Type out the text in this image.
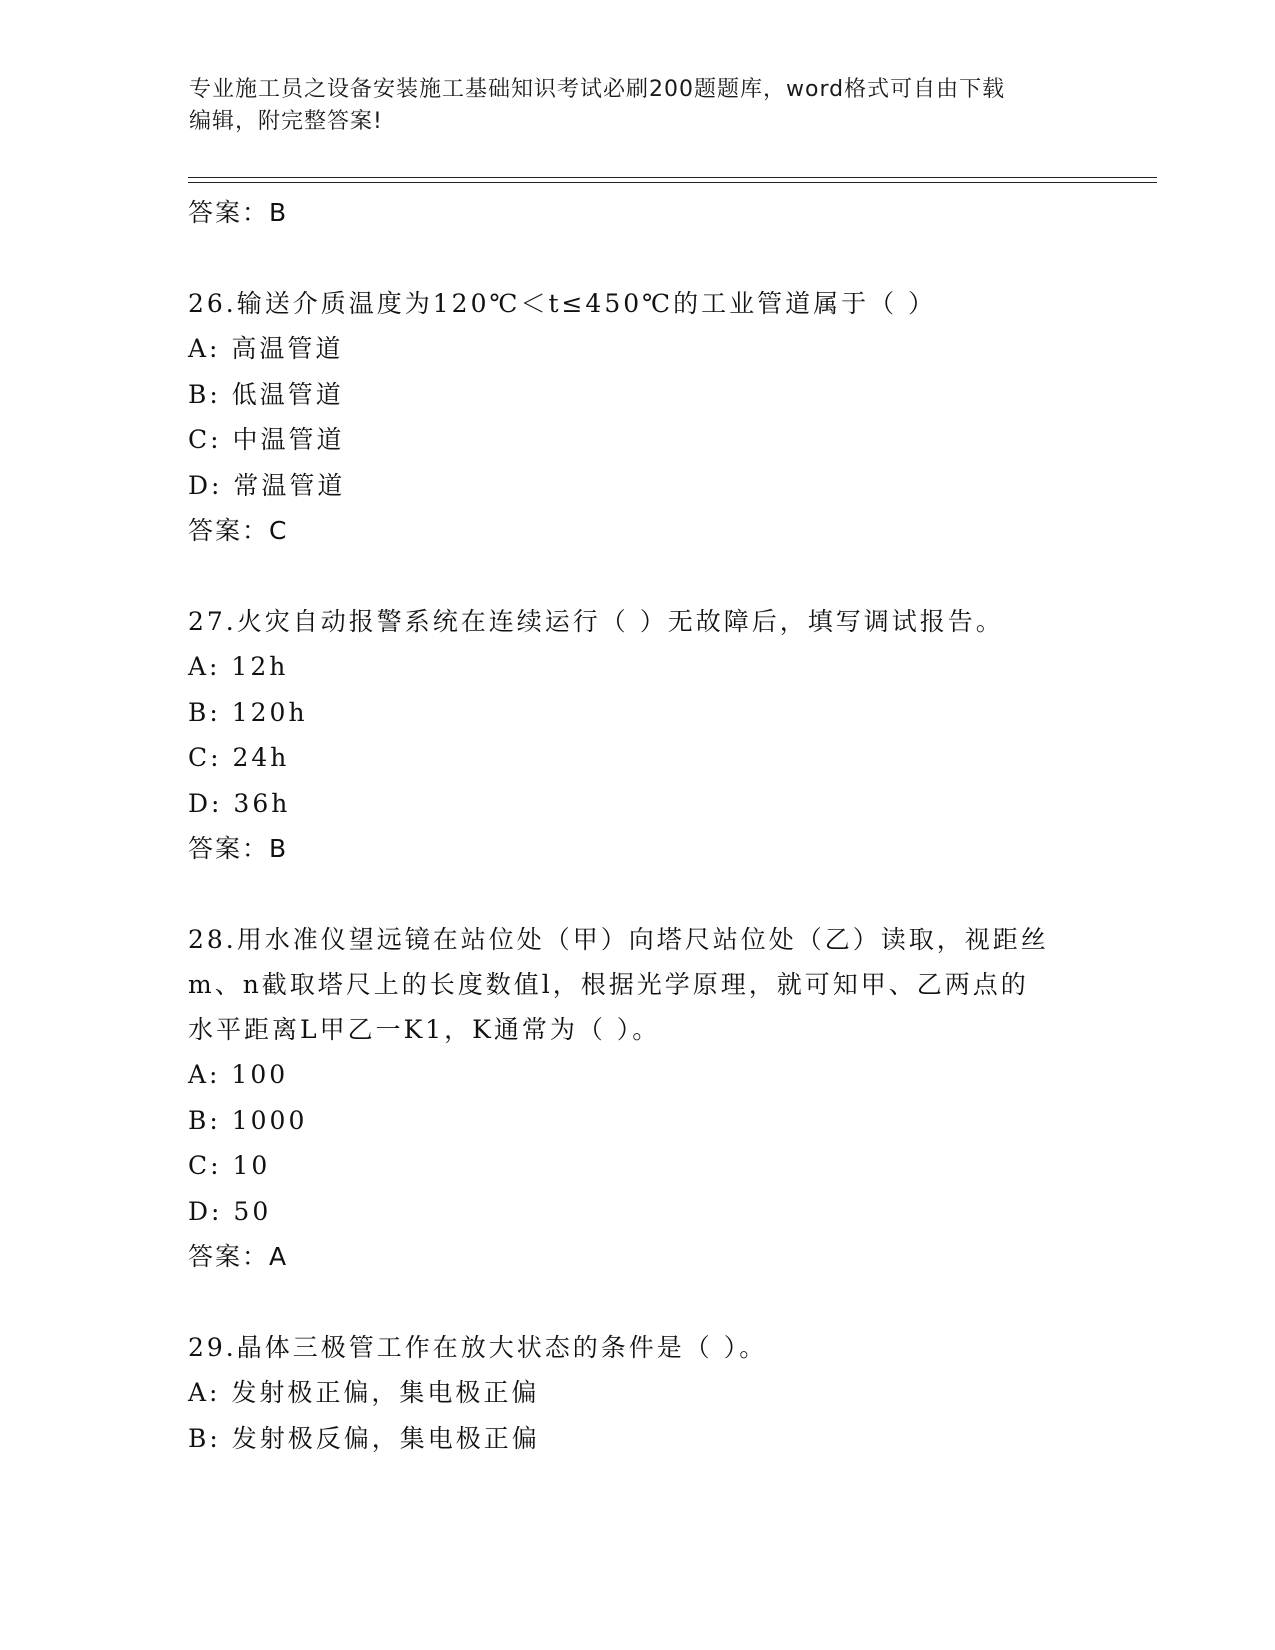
专业施工员之设备安装施工基础知识考试必刷200题题库，word格式可自由下载
编辑，附完整答案!
答案：B
26.输送介质温度为120℃＜t≤450℃的工业管道属于（ ）
A: 高温管道
B: 低温管道
C: 中温管道
D: 常温管道
答案：C
27.火灾自动报警系统在连续运行（ ）无故障后，填写调试报告。
A: 12h
B: 120h
C: 24h
D: 36h
答案：B
28.用水准仪望远镜在站位处（甲）向塔尺站位处（乙）读取，视距丝
m、n截取塔尺上的长度数值l，根据光学原理，就可知甲、乙两点的
水平距离L甲乙一K1，K通常为（ ）。
A: 100
B: 1000
C: 10
D: 50
答案：A
29.晶体三极管工作在放大状态的条件是（ ）。
A: 发射极正偏，集电极正偏
B: 发射极反偏，集电极正偏
